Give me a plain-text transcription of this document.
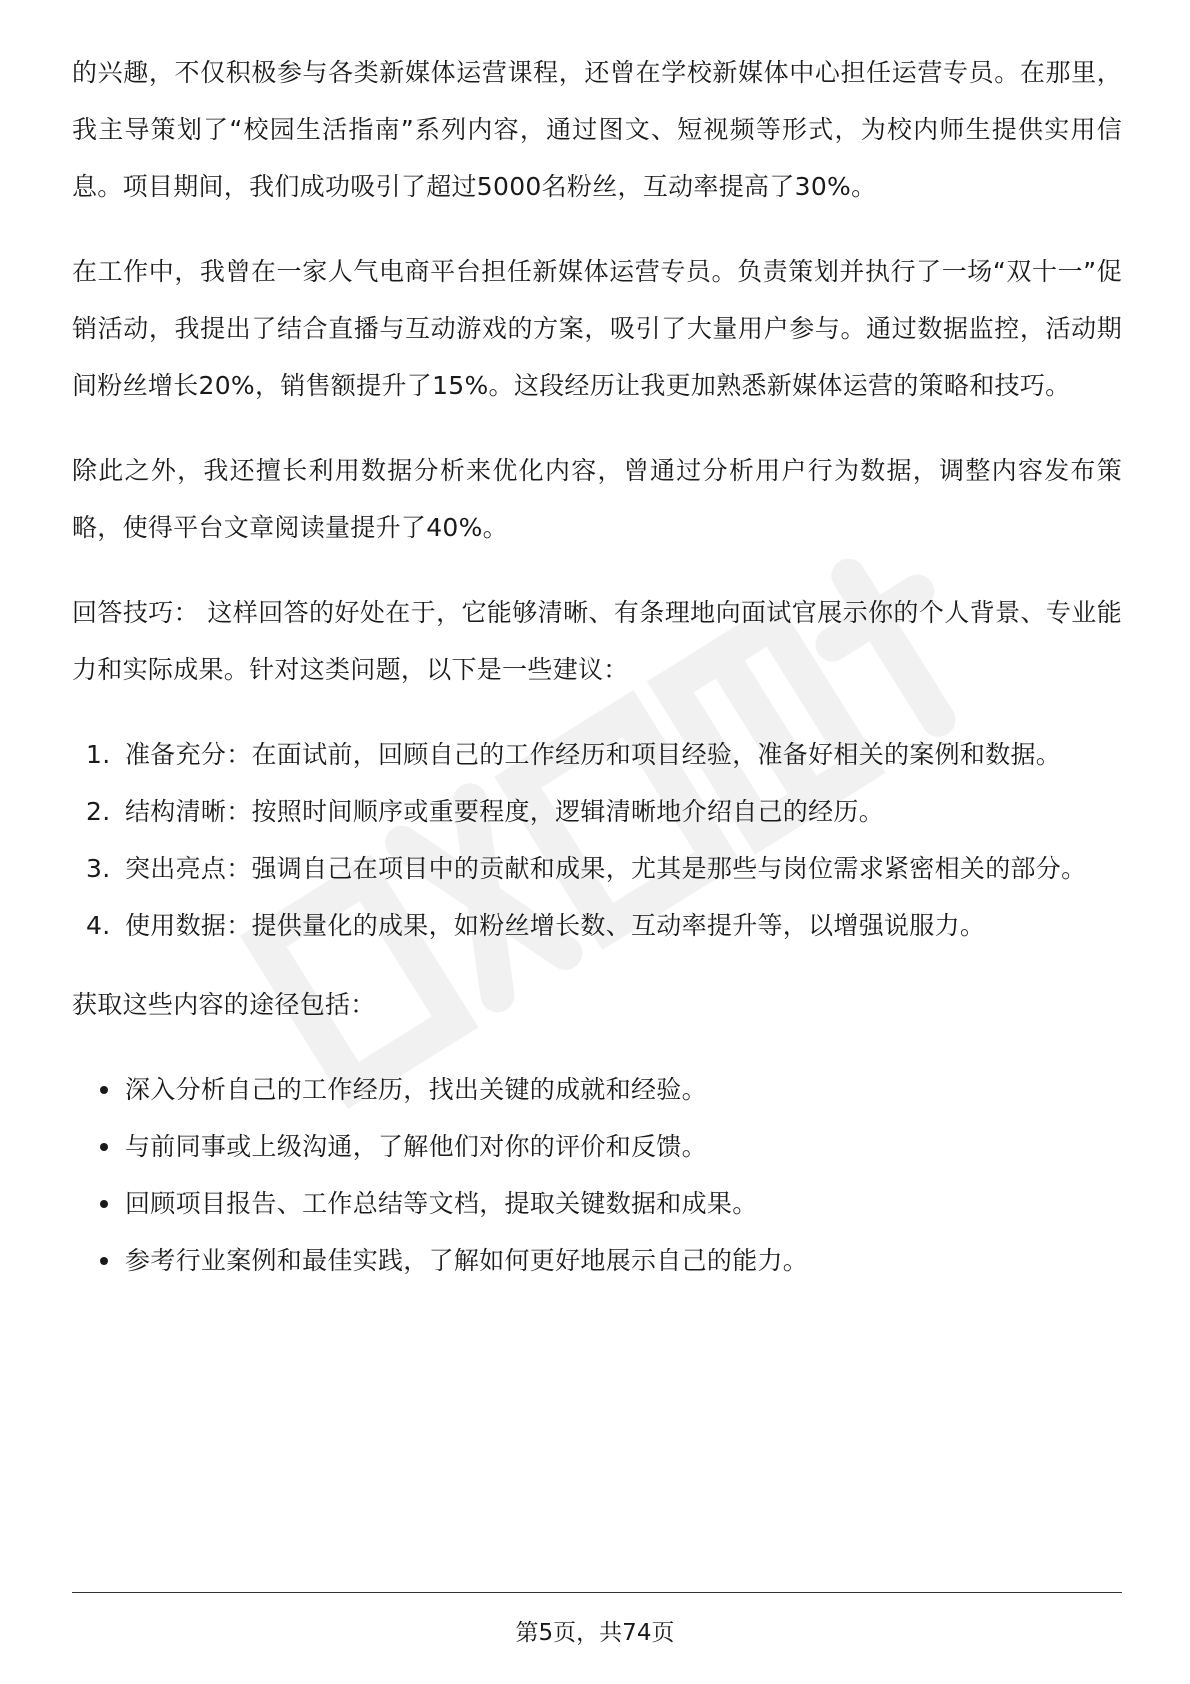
的兴趣，不仅积极参与各类新媒体运营课程，还曾在学校新媒体中心担任运营专员。在那里，我主导策划了“校园生活指南”系列内容，通过图文、短视频等形式，为校内师生提供实用信息。项目期间，我们成功吸引了超过5000名粉丝，互动率提高了30%。

在工作中，我曾在一家人气电商平台担任新媒体运营专员。负责策划并执行了一场“双十一”促销活动，我提出了结合直播与互动游戏的方案，吸引了大量用户参与。通过数据监控，活动期间粉丝增长20%，销售额提升了15%。这段经历让我更加熟悉新媒体运营的策略和技巧。

除此之外，我还擅长利用数据分析来优化内容，曾通过分析用户行为数据，调整内容发布策略，使得平台文章阅读量提升了40%。

回答技巧： 这样回答的好处在于，它能够清晰、有条理地向面试官展示你的个人背景、专业能力和实际成果。针对这类问题，以下是一些建议：

1. 准备充分：在面试前，回顾自己的工作经历和项目经验，准备好相关的案例和数据。
2. 结构清晰：按照时间顺序或重要程度，逻辑清晰地介绍自己的经历。
3. 突出亮点：强调自己在项目中的贡献和成果，尤其是那些与岗位需求紧密相关的部分。
4. 使用数据：提供量化的成果，如粉丝增长数、互动率提升等，以增强说服力。

获取这些内容的途径包括：

深入分析自己的工作经历，找出关键的成就和经验。
与前同事或上级沟通，了解他们对你的评价和反馈。
回顾项目报告、工作总结等文档，提取关键数据和成果。
参考行业案例和最佳实践，了解如何更好地展示自己的能力。
第5页，共74页
